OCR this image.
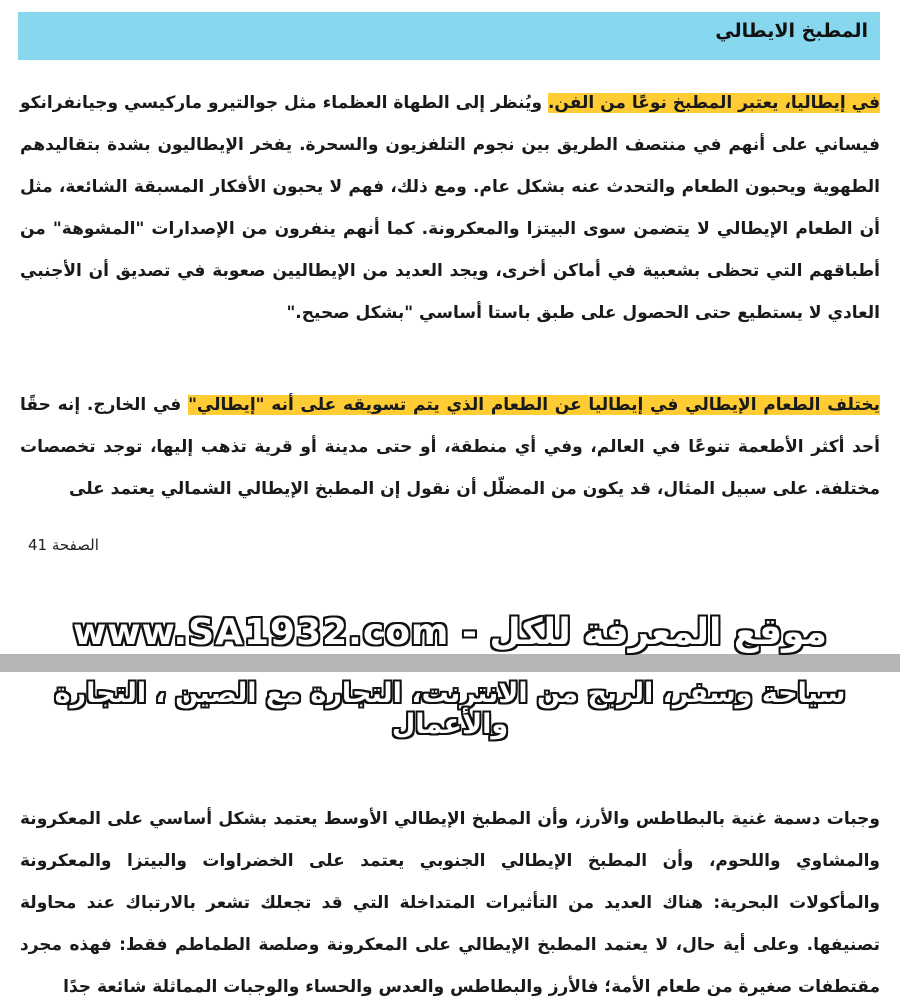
المطبخ الايطالي

في إيطاليا، يعتبر المطبخ نوعًا من الفن. ويُنظر إلى الطهاة العظماء مثل جوالتيرو ماركيسي وجيانفرانكو فيساني على أنهم في منتصف الطريق بين نجوم التلفزيون والسحرة. يفخر الإيطاليون بشدة بتقاليدهم الطهوية ويحبون الطعام والتحدث عنه بشكل عام. ومع ذلك، فهم لا يحبون الأفكار المسبقة الشائعة، مثل أن الطعام الإيطالي لا يتضمن سوى البيتزا والمعكرونة. كما أنهم ينفرون من الإصدارات "المشوهة" من أطباقهم التي تحظى بشعبية في أماكن أخرى، ويجد العديد من الإيطاليين صعوبة في تصديق أن الأجنبي العادي لا يستطيع حتى الحصول على طبق باستا أساسي "بشكل صحيح."

يختلف الطعام الإيطالي في إيطاليا عن الطعام الذي يتم تسويقه على أنه "إيطالي" في الخارج. إنه حقًا أحد أكثر الأطعمة تنوعًا في العالم، وفي أي منطقة، أو حتى مدينة أو قرية تذهب إليها، توجد تخصصات مختلفة. على سبيل المثال، قد يكون من المضلّل أن نقول إن المطبخ الإيطالي الشمالي يعتمد على

الصفحة 41
موقع المعرفة للكل - www.SA1932.com
سياحة وسفر، الربح من الانترنت، التجارة مع الصين ، التجارة والأعمال

وجبات دسمة غنية بالبطاطس والأرز، وأن المطبخ الإيطالي الأوسط يعتمد بشكل أساسي على المعكرونة والمشاوي واللحوم، وأن المطبخ الإيطالي الجنوبي يعتمد على الخضراوات والبيتزا والمعكرونة والمأكولات البحرية: هناك العديد من التأثيرات المتداخلة التي قد تجعلك تشعر بالارتباك عند محاولة تصنيفها. وعلى أية حال، لا يعتمد المطبخ الإيطالي على المعكرونة وصلصة الطماطم فقط: فهذه مجرد مقتطفات صغيرة من طعام الأمة؛ فالأرز والبطاطس والعدس والحساء والوجبات المماثلة شائعة جدًا
